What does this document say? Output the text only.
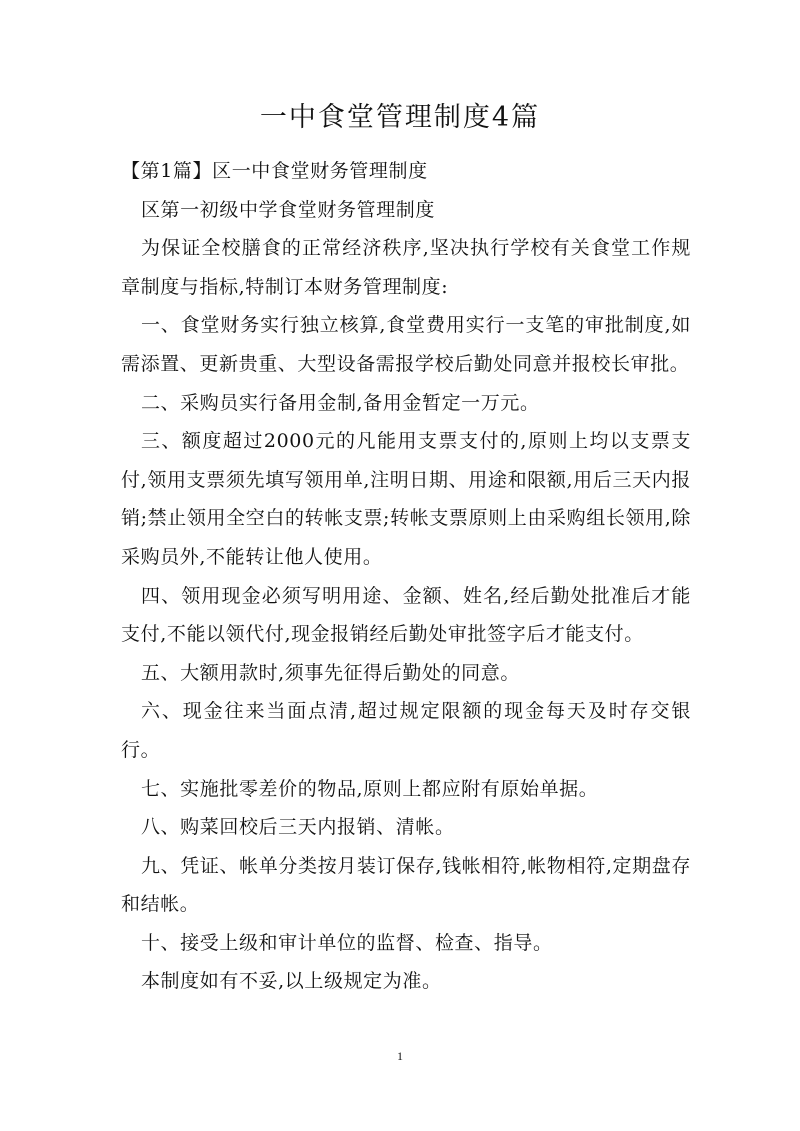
一中食堂管理制度4篇

【第1篇】区一中食堂财务管理制度

区第一初级中学食堂财务管理制度

为保证全校膳食的正常经济秩序,坚决执行学校有关食堂工作规章制度与指标,特制订本财务管理制度:

一、食堂财务实行独立核算,食堂费用实行一支笔的审批制度,如需添置、更新贵重、大型设备需报学校后勤处同意并报校长审批。

二、采购员实行备用金制,备用金暂定一万元。

三、额度超过2000元的凡能用支票支付的,原则上均以支票支付,领用支票须先填写领用单,注明日期、用途和限额,用后三天内报销;禁止领用全空白的转帐支票;转帐支票原则上由采购组长领用,除采购员外,不能转让他人使用。

四、领用现金必须写明用途、金额、姓名,经后勤处批准后才能支付,不能以领代付,现金报销经后勤处审批签字后才能支付。

五、大额用款时,须事先征得后勤处的同意。

六、现金往来当面点清,超过规定限额的现金每天及时存交银行。

七、实施批零差价的物品,原则上都应附有原始单据。

八、购菜回校后三天内报销、清帐。

九、凭证、帐单分类按月装订保存,钱帐相符,帐物相符,定期盘存和结帐。

十、接受上级和审计单位的监督、检查、指导。

本制度如有不妥,以上级规定为准。

1
